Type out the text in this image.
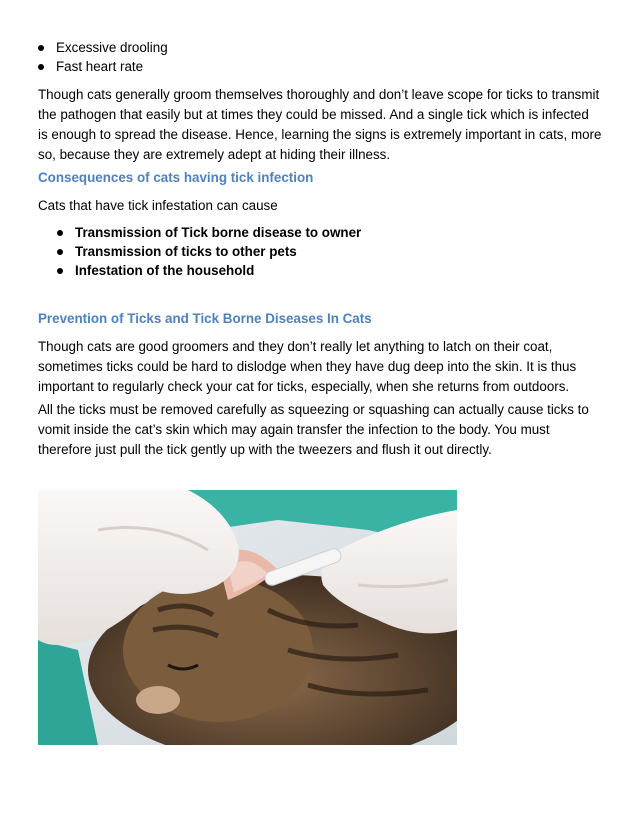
Excessive drooling
Fast heart rate

Though cats generally groom themselves thoroughly and don’t leave scope for ticks to transmit the pathogen that easily but at times they could be missed. And a single tick which is infected is enough to spread the disease. Hence, learning the signs is extremely important in cats, more so, because they are extremely adept at hiding their illness.

Consequences of cats having tick infection

Cats that have tick infestation can cause

Transmission of Tick borne disease to owner
Transmission of ticks to other pets
Infestation of the household

Prevention of Ticks and Tick Borne Diseases In Cats

Though cats are good groomers and they don’t really let anything to latch on their coat, sometimes ticks could be hard to dislodge when they have dug deep into the skin. It is thus important to regularly check your cat for ticks, especially, when she returns from outdoors.

All the ticks must be removed carefully as squeezing or squashing can actually cause ticks to vomit inside the cat’s skin which may again transfer the infection to the body. You must therefore just pull the tick gently up with the tweezers and flush it out directly.
